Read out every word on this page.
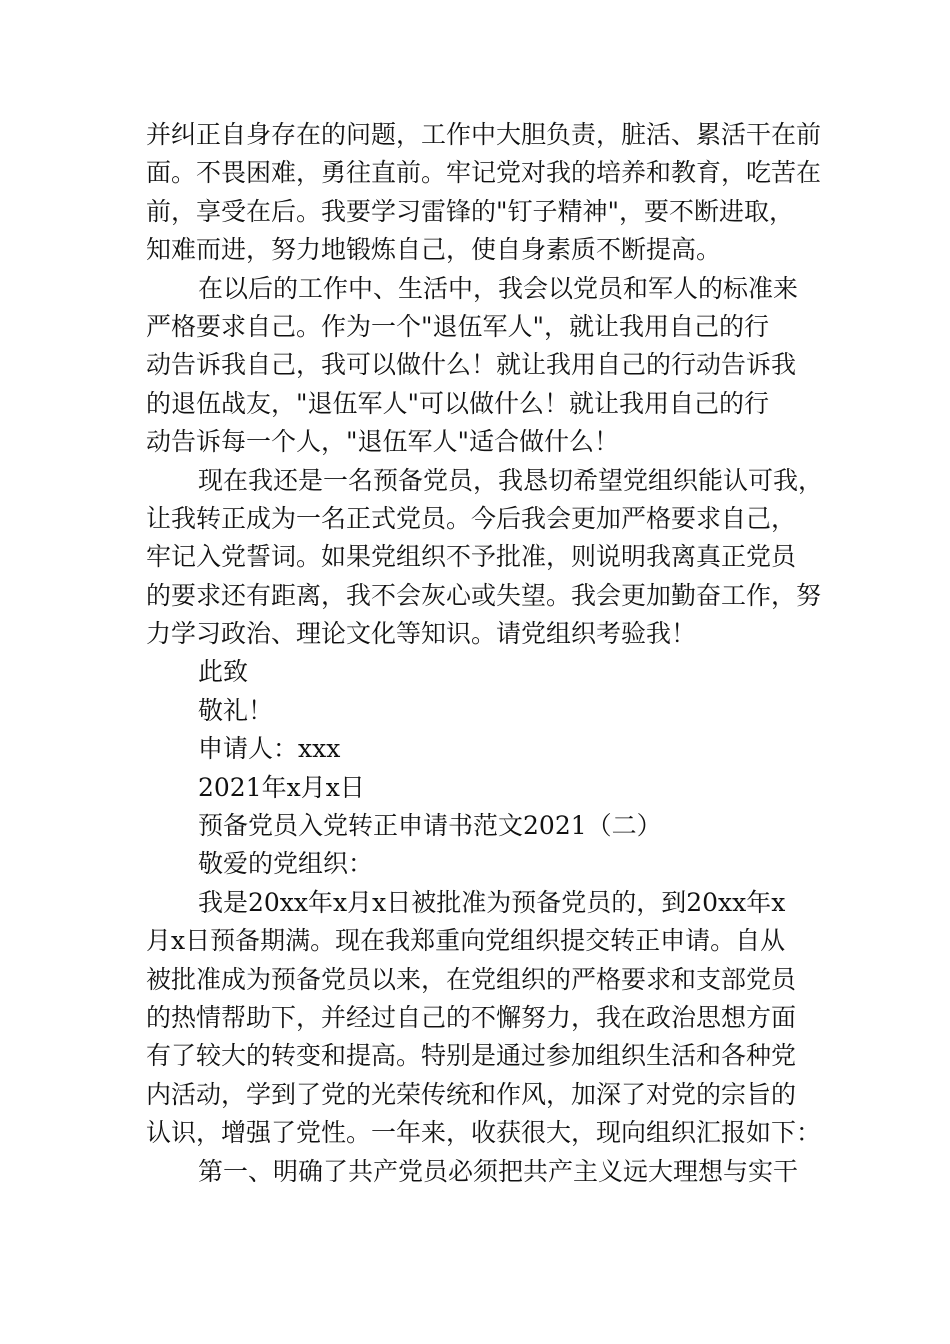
并纠正自身存在的问题，工作中大胆负责，脏活、累活干在前
面。不畏困难，勇往直前。牢记党对我的培养和教育，吃苦在
前，享受在后。我要学习雷锋的"钉子精神"，要不断进取，
知难而进，努力地锻炼自己，使自身素质不断提高。
在以后的工作中、生活中，我会以党员和军人的标准来
严格要求自己。作为一个"退伍军人"，就让我用自己的行
动告诉我自己，我可以做什么！就让我用自己的行动告诉我
的退伍战友，"退伍军人"可以做什么！就让我用自己的行
动告诉每一个人，"退伍军人"适合做什么！
现在我还是一名预备党员，我恳切希望党组织能认可我，
让我转正成为一名正式党员。今后我会更加严格要求自己，
牢记入党誓词。如果党组织不予批准，则说明我离真正党员
的要求还有距离，我不会灰心或失望。我会更加勤奋工作，努
力学习政治、理论文化等知识。请党组织考验我！
此致
敬礼！
申请人：xxx
2021年x月x日
预备党员入党转正申请书范文2021（二）
敬爱的党组织：
我是20xx年x月x日被批准为预备党员的，到20xx年x
月x日预备期满。现在我郑重向党组织提交转正申请。自从
被批准成为预备党员以来，在党组织的严格要求和支部党员
的热情帮助下，并经过自己的不懈努力，我在政治思想方面
有了较大的转变和提高。特别是通过参加组织生活和各种党
内活动，学到了党的光荣传统和作风，加深了对党的宗旨的
认识，增强了党性。一年来，收获很大，现向组织汇报如下：
第一、明确了共产党员必须把共产主义远大理想与实干
